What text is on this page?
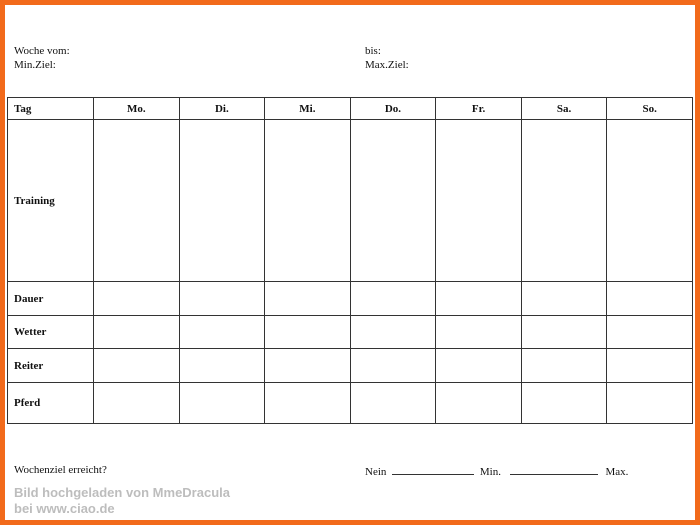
Woche vom:	bis:
Min.Ziel:	Max.Ziel:
Tag	Mo.	Di.	Mi.	Do.	Fr.	Sa.	So.
Training							
Dauer							
Wetter							
Reiter							
Pferd							
Wochenziel erreicht?	Nein	Min.	Max.
Bild hochgeladen von MmeDracula
bei www.ciao.de
